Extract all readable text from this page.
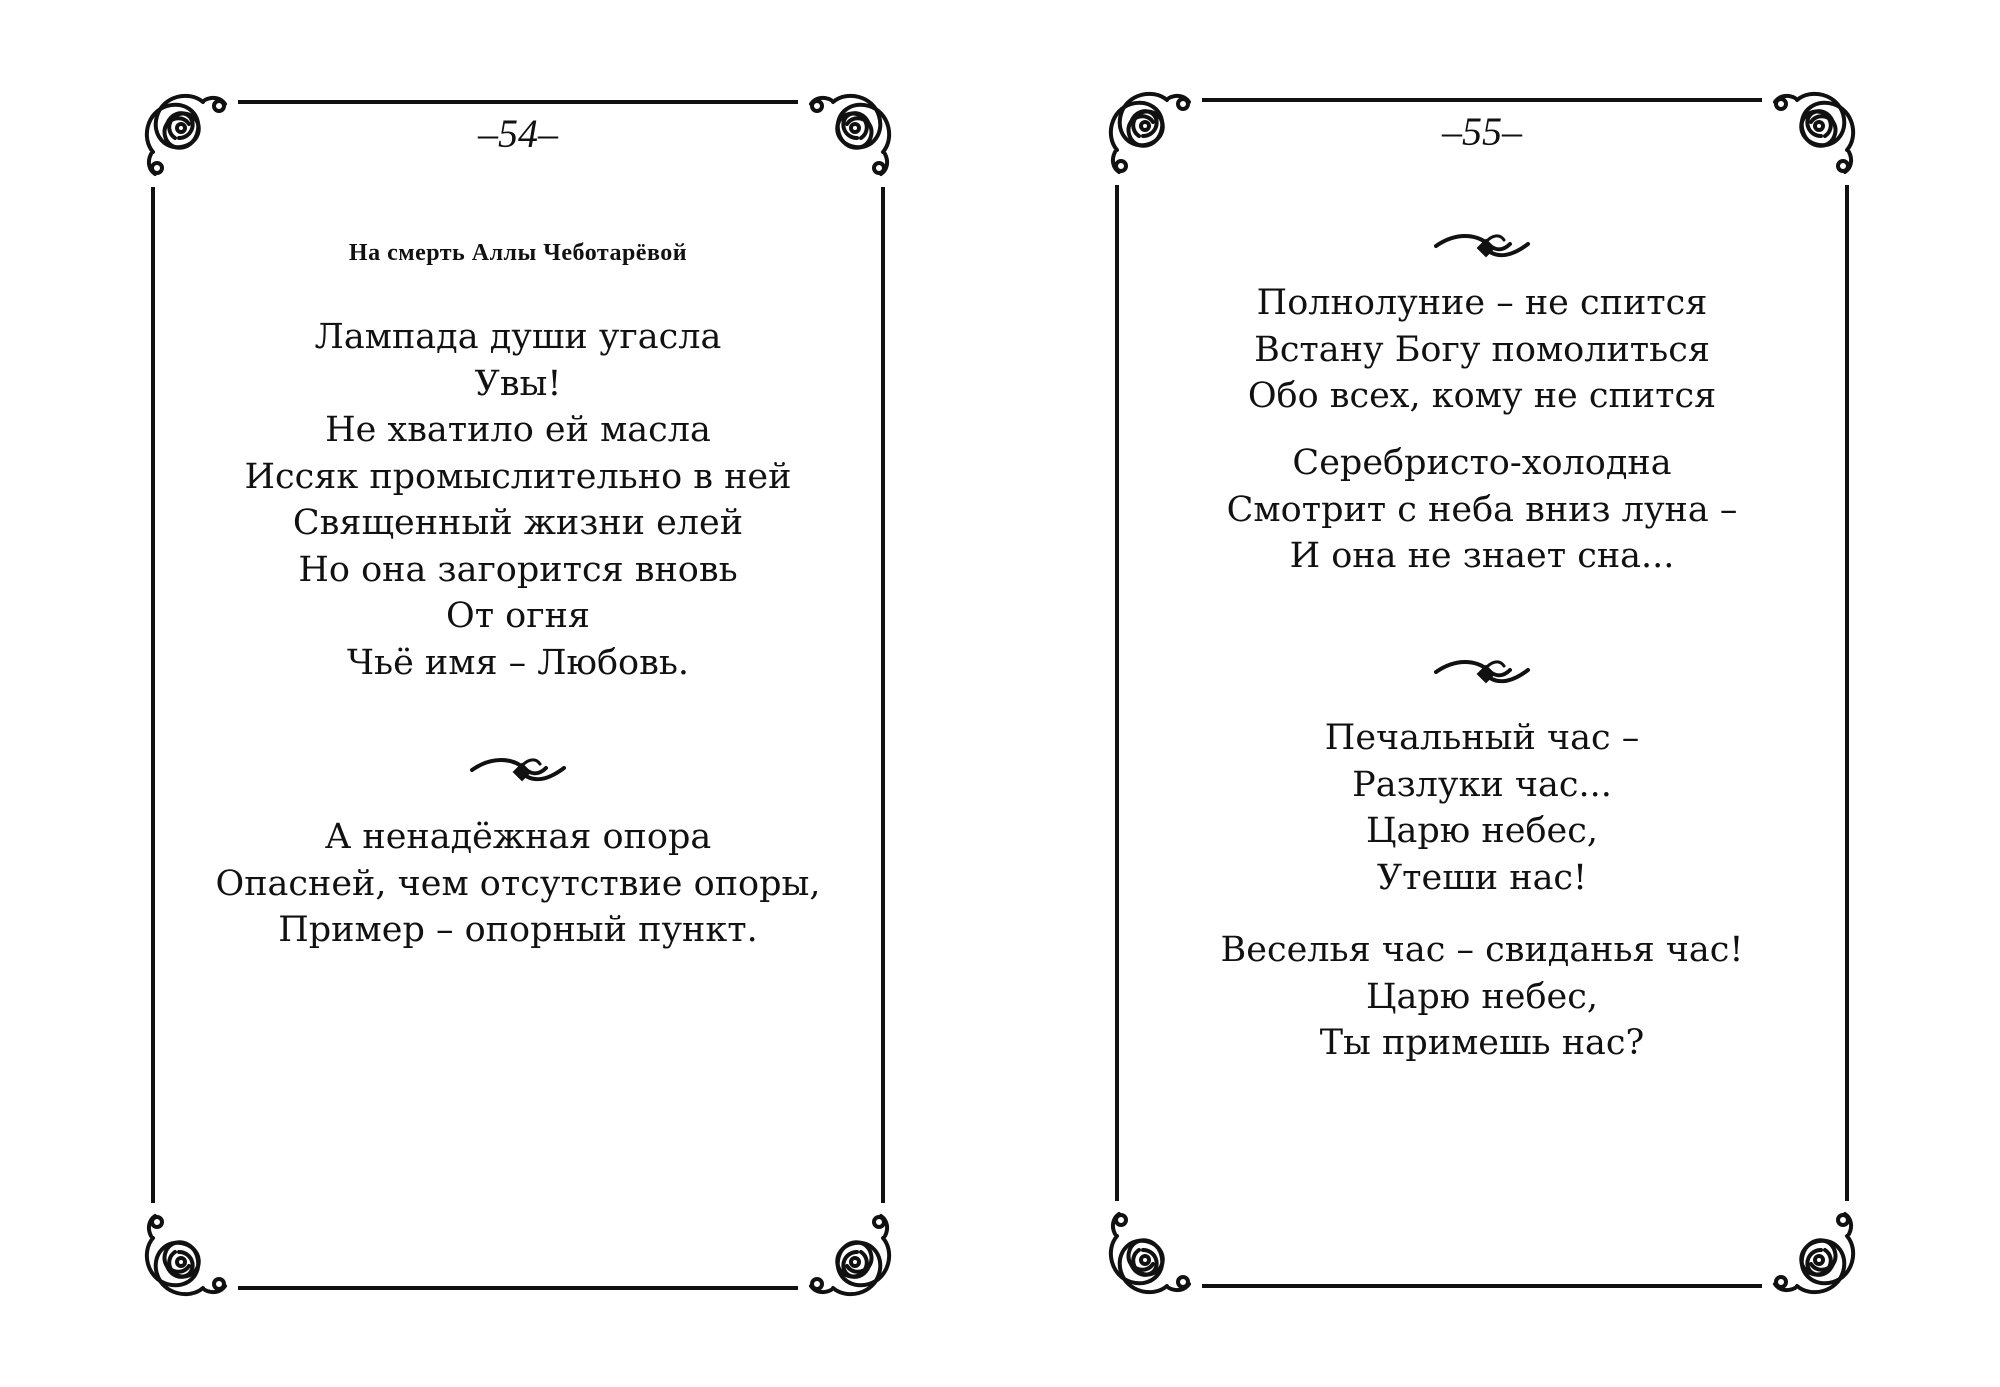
–54–
На смерть Аллы Чеботарёвой
Лампада души угасла
Увы!
Не хватило ей масла
Иссяк промыслительно в ней
Священный жизни елей
Но она загорится вновь
От огня
Чьё имя – Любовь.
А ненадёжная опора
Опасней, чем отсутствие опоры,
Пример – опорный пункт.
–55–
Полнолуние – не спится
Встану Богу помолиться
Обо всех, кому не спится
Серебристо-холодна
Смотрит с неба вниз луна –
И она не знает сна...
Печальный час –
Разлуки час...
Царю небес,
Утеши нас!
Веселья час – свиданья час!
Царю небес,
Ты примешь нас?
